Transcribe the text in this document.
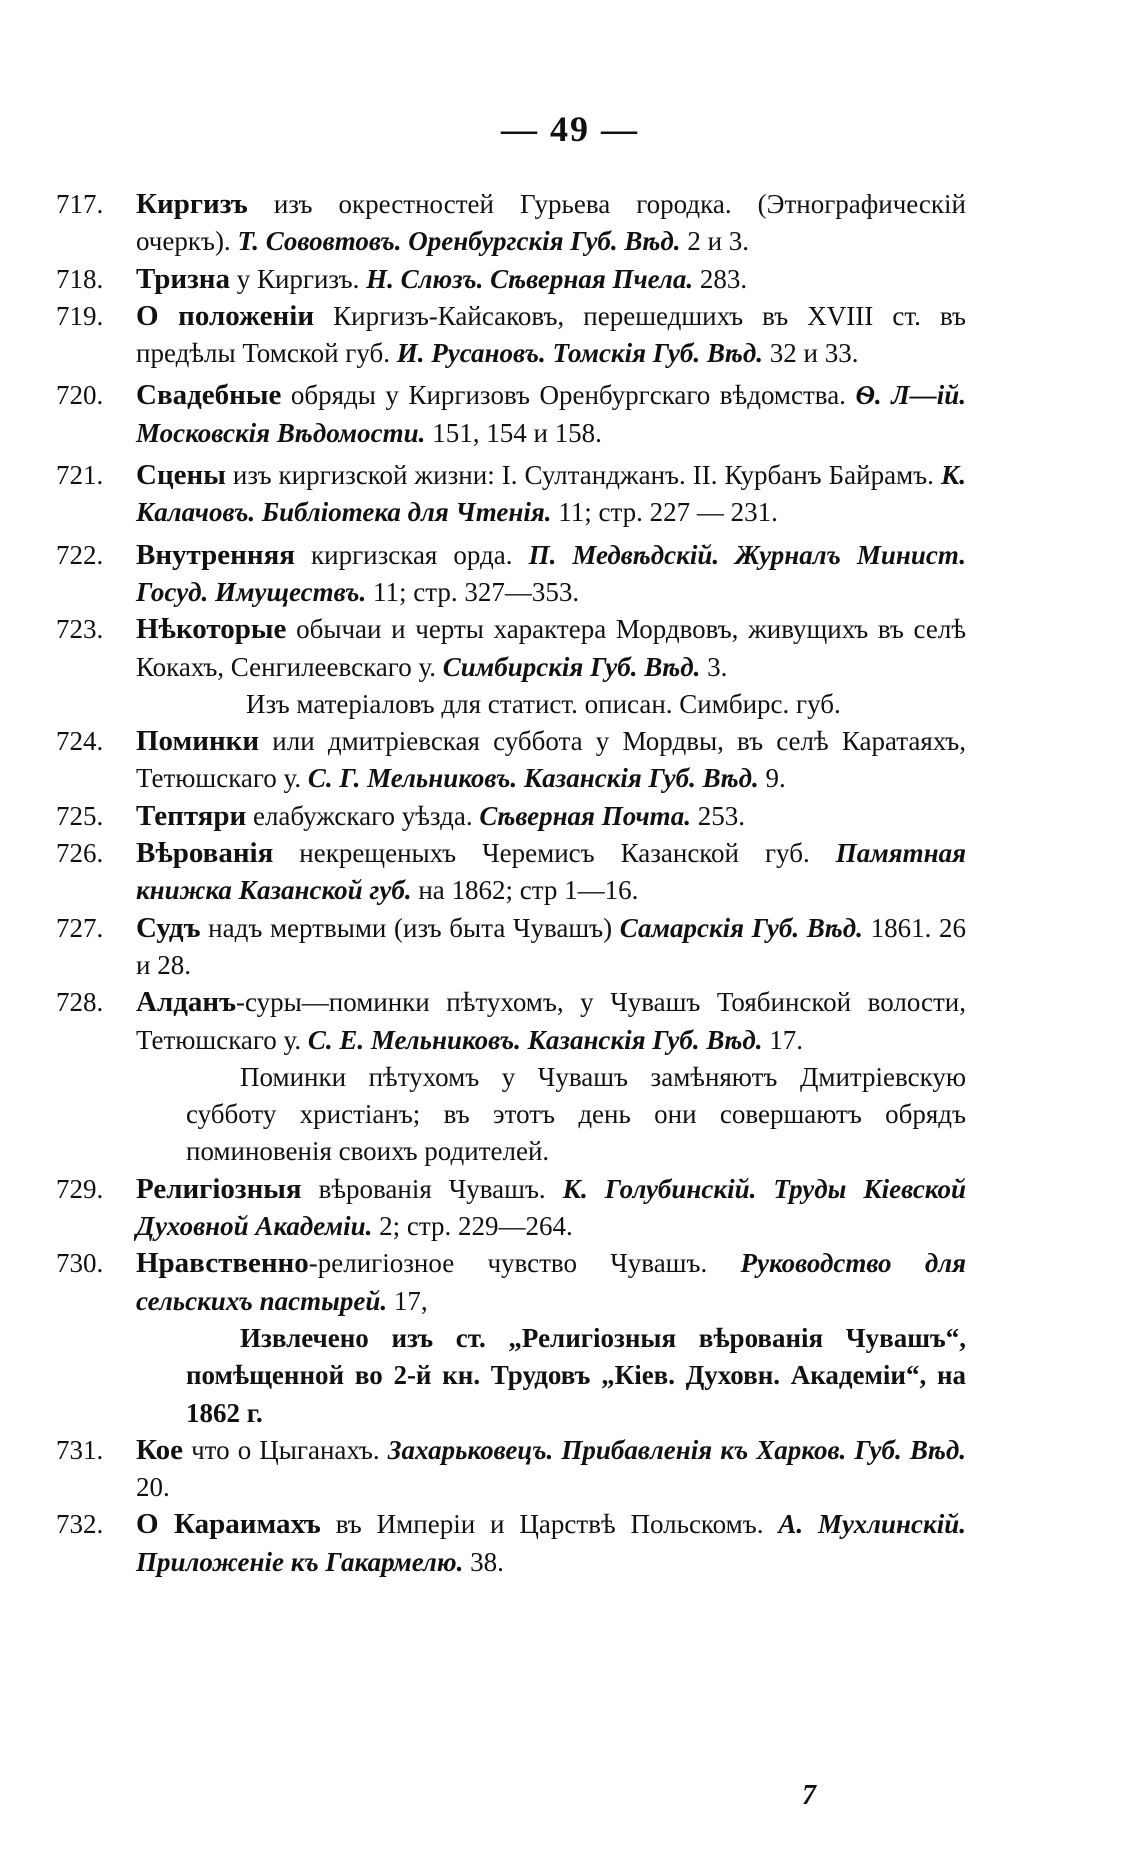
— 49 —
717. Киргизъ изъ окрестностей Гурьева городка. (Этнографическій очеркъ). Т. Сововтовъ. Оренбургскія Губ. Вѣд. 2 и 3.
718. Тризна у Киргизъ. Н. Слюзъ. Сѣверная Пчела. 283.
719. О положеніи Киргизъ-Кайсаковъ, перешедшихъ въ XVIII ст. въ предѣлы Томской губ. И. Русановъ. Томскія Губ. Вѣд. 32 и 33.
720. Свадебные обряды у Киргизовъ Оренбургскаго вѣдомства. Ѳ. Л—ій. Московскія Вѣдомости. 151, 154 и 158.
721. Сцены изъ киргизской жизни: І. Султанджанъ. ІІ. Курбанъ Байрамъ. К. Калачовъ. Библіотека для Чтенія. 11; стр. 227 — 231.
722. Внутренняя киргизская орда. П. Медвѣдскій. Журналъ Минист. Госуд. Имуществъ. 11; стр. 327—353.
723. Нѣкоторые обычаи и черты характера Мордвовъ, живущихъ въ селѣ Кокахъ, Сенгилеевскаго у. Симбирскія Губ. Вѣд. 3.
Изъ матеріаловъ для статист. описан. Симбирс. губ.
724. Поминки или дмитріевская суббота у Мордвы, въ селѣ Каратаяхъ, Тетюшскаго у. С. Г. Мельниковъ. Казанскія Губ. Вѣд. 9.
725. Тептяри елабужскаго уѣзда. Сѣверная Почта. 253.
726. Вѣрованія некрещеныхъ Черемисъ Казанской губ. Памятная книжка Казанской губ. на 1862; стр 1—16.
727. Судъ надъ мертвыми (изъ быта Чувашъ) Самарскія Губ. Вѣд. 1861. 26 и 28.
728. Алданъ-суры—поминки пѣтухомъ, у Чувашъ Тоябинской волости, Тетюшскаго у. С. Е. Мельниковъ. Казанскія Губ. Вѣд. 17.
Поминки пѣтухомъ у Чувашъ замѣняютъ Дмитріевскую субботу христіанъ; въ этотъ день они совершаютъ обрядъ поминовенія своихъ родителей.
729. Религіозныя вѣрованія Чувашъ. К. Голубинскій. Труды Кіевской Духовной Академіи. 2; стр. 229—264.
730. Нравственно-религіозное чувство Чувашъ. Руководство для сельскихъ пастырей. 17,
Извлечено изъ ст. „Религіозныя вѣрованія Чувашъ“, помѣщенной во 2-й кн. Трудовъ „Кіев. Духовн. Академіи“, на 1862 г.
731. Кое что о Цыганахъ. Захарьковецъ. Прибавленія къ Харков. Губ. Вѣд. 20.
732. О Караимахъ въ Имперіи и Царствѣ Польскомъ. А. Мухлинскій. Приложеніе къ Гакармелю. 38.
7
